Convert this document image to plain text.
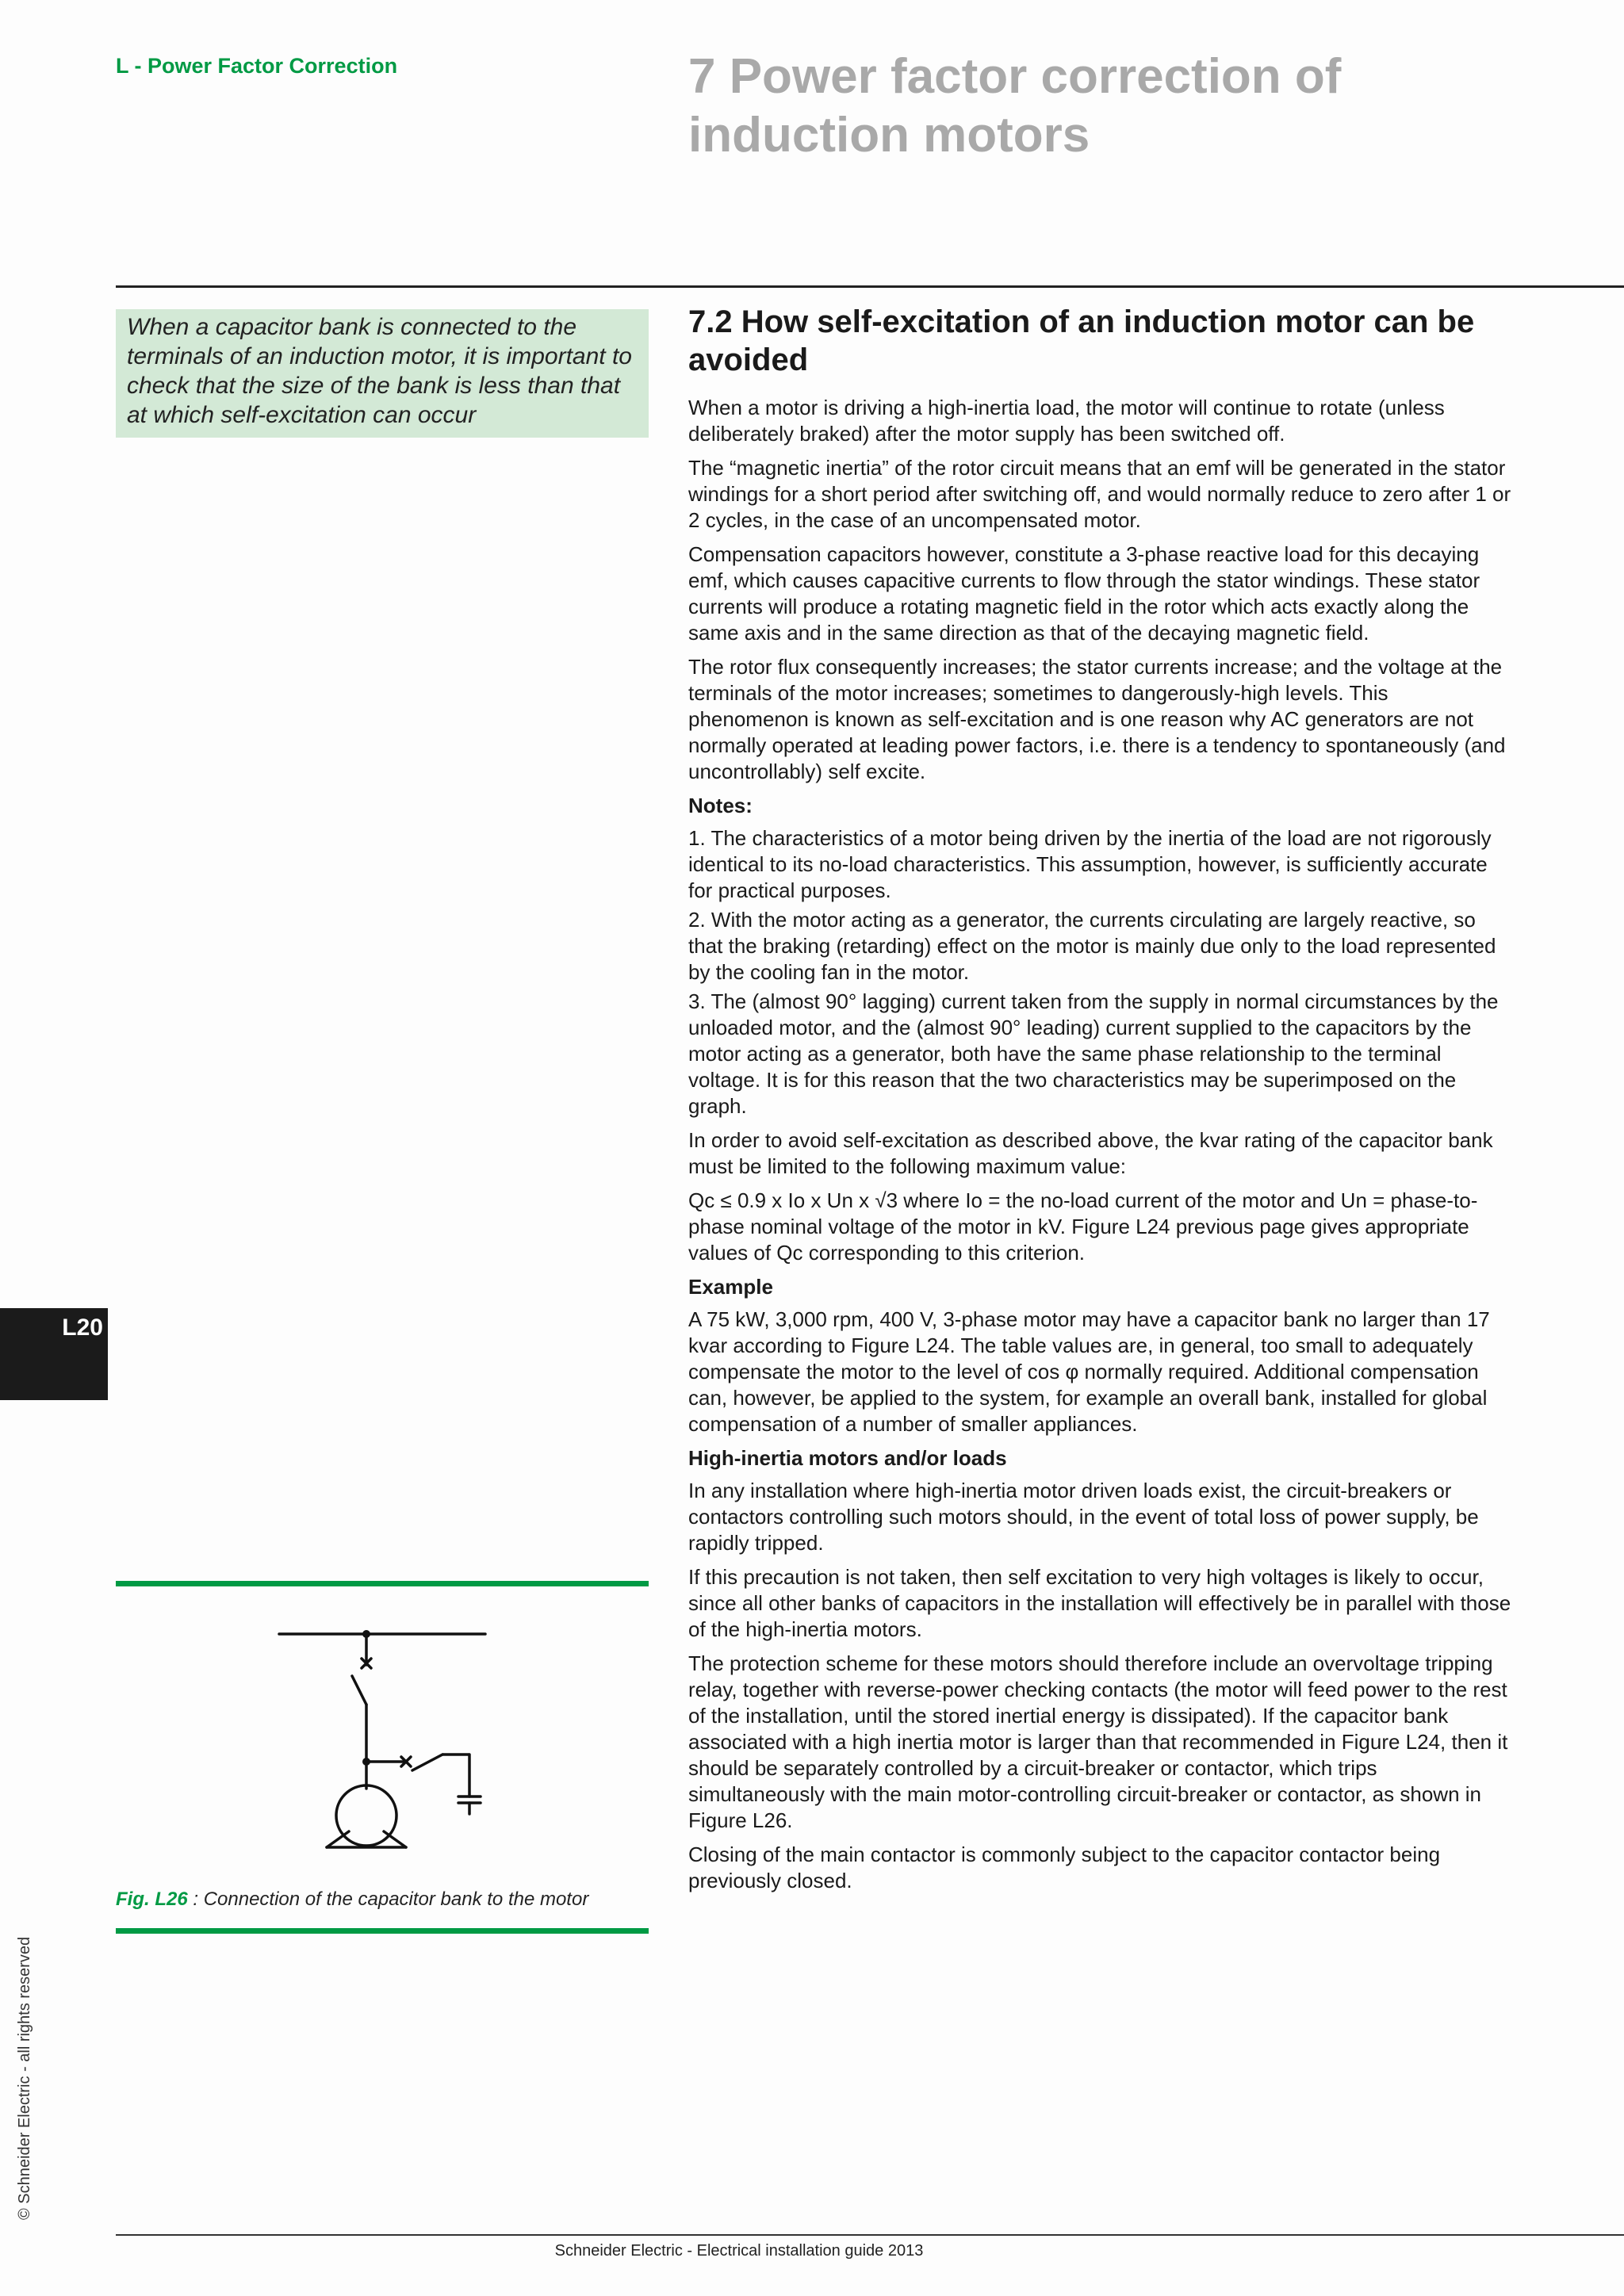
L - Power Factor Correction	7 Power factor correction of induction motors

When a capacitor bank is connected to the terminals of an induction motor, it is important to check that the size of the bank is less than that at which self-excitation can occur

7.2 How self-excitation of an induction motor can be avoided

When a motor is driving a high-inertia load, the motor will continue to rotate (unless deliberately braked) after the motor supply has been switched off.

The “magnetic inertia” of the rotor circuit means that an emf will be generated in the stator windings for a short period after switching off, and would normally reduce to zero after 1 or 2 cycles, in the case of an uncompensated motor.

Compensation capacitors however, constitute a 3-phase reactive load for this decaying emf, which causes capacitive currents to flow through the stator windings. These stator currents will produce a rotating magnetic field in the rotor which acts exactly along the same axis and in the same direction as that of the decaying magnetic field.

The rotor flux consequently increases; the stator currents increase; and the voltage at the terminals of the motor increases; sometimes to dangerously-high levels. This phenomenon is known as self-excitation and is one reason why AC generators are not normally operated at leading power factors, i.e. there is a tendency to spontaneously (and uncontrollably) self excite.

Notes:

1. The characteristics of a motor being driven by the inertia of the load are not rigorously identical to its no-load characteristics. This assumption, however, is sufficiently accurate for practical purposes.

2. With the motor acting as a generator, the currents circulating are largely reactive, so that the braking (retarding) effect on the motor is mainly due only to the load represented by the cooling fan in the motor.

3. The (almost 90° lagging) current taken from the supply in normal circumstances by the unloaded motor, and the (almost 90° leading) current supplied to the capacitors by the motor acting as a generator, both have the same phase relationship to the terminal voltage. It is for this reason that the two characteristics may be superimposed on the graph.

In order to avoid self-excitation as described above, the kvar rating of the capacitor bank must be limited to the following maximum value:

Qc ≤ 0.9 x Io x Un x √3 where Io = the no-load current of the motor and Un = phase-to-phase nominal voltage of the motor in kV. Figure L24 previous page gives appropriate values of Qc corresponding to this criterion.

Example

A 75 kW, 3,000 rpm, 400 V, 3-phase motor may have a capacitor bank no larger than 17 kvar according to Figure L24. The table values are, in general, too small to adequately compensate the motor to the level of cos φ normally required. Additional compensation can, however, be applied to the system, for example an overall bank, installed for global compensation of a number of smaller appliances.

High-inertia motors and/or loads

In any installation where high-inertia motor driven loads exist, the circuit-breakers or contactors controlling such motors should, in the event of total loss of power supply, be rapidly tripped.

If this precaution is not taken, then self excitation to very high voltages is likely to occur, since all other banks of capacitors in the installation will effectively be in parallel with those of the high-inertia motors.

The protection scheme for these motors should therefore include an overvoltage tripping relay, together with reverse-power checking contacts (the motor will feed power to the rest of the installation, until the stored inertial energy is dissipated). If the capacitor bank associated with a high inertia motor is larger than that recommended in Figure L24, then it should be separately controlled by a circuit-breaker or contactor, which trips simultaneously with the main motor-controlling circuit-breaker or contactor, as shown in Figure L26.

Closing of the main contactor is commonly subject to the capacitor contactor being previously closed.

L20
Fig. L26 : Connection of the capacitor bank to the motor
© Schneider Electric - all rights reserved
Schneider Electric - Electrical installation guide 2013
